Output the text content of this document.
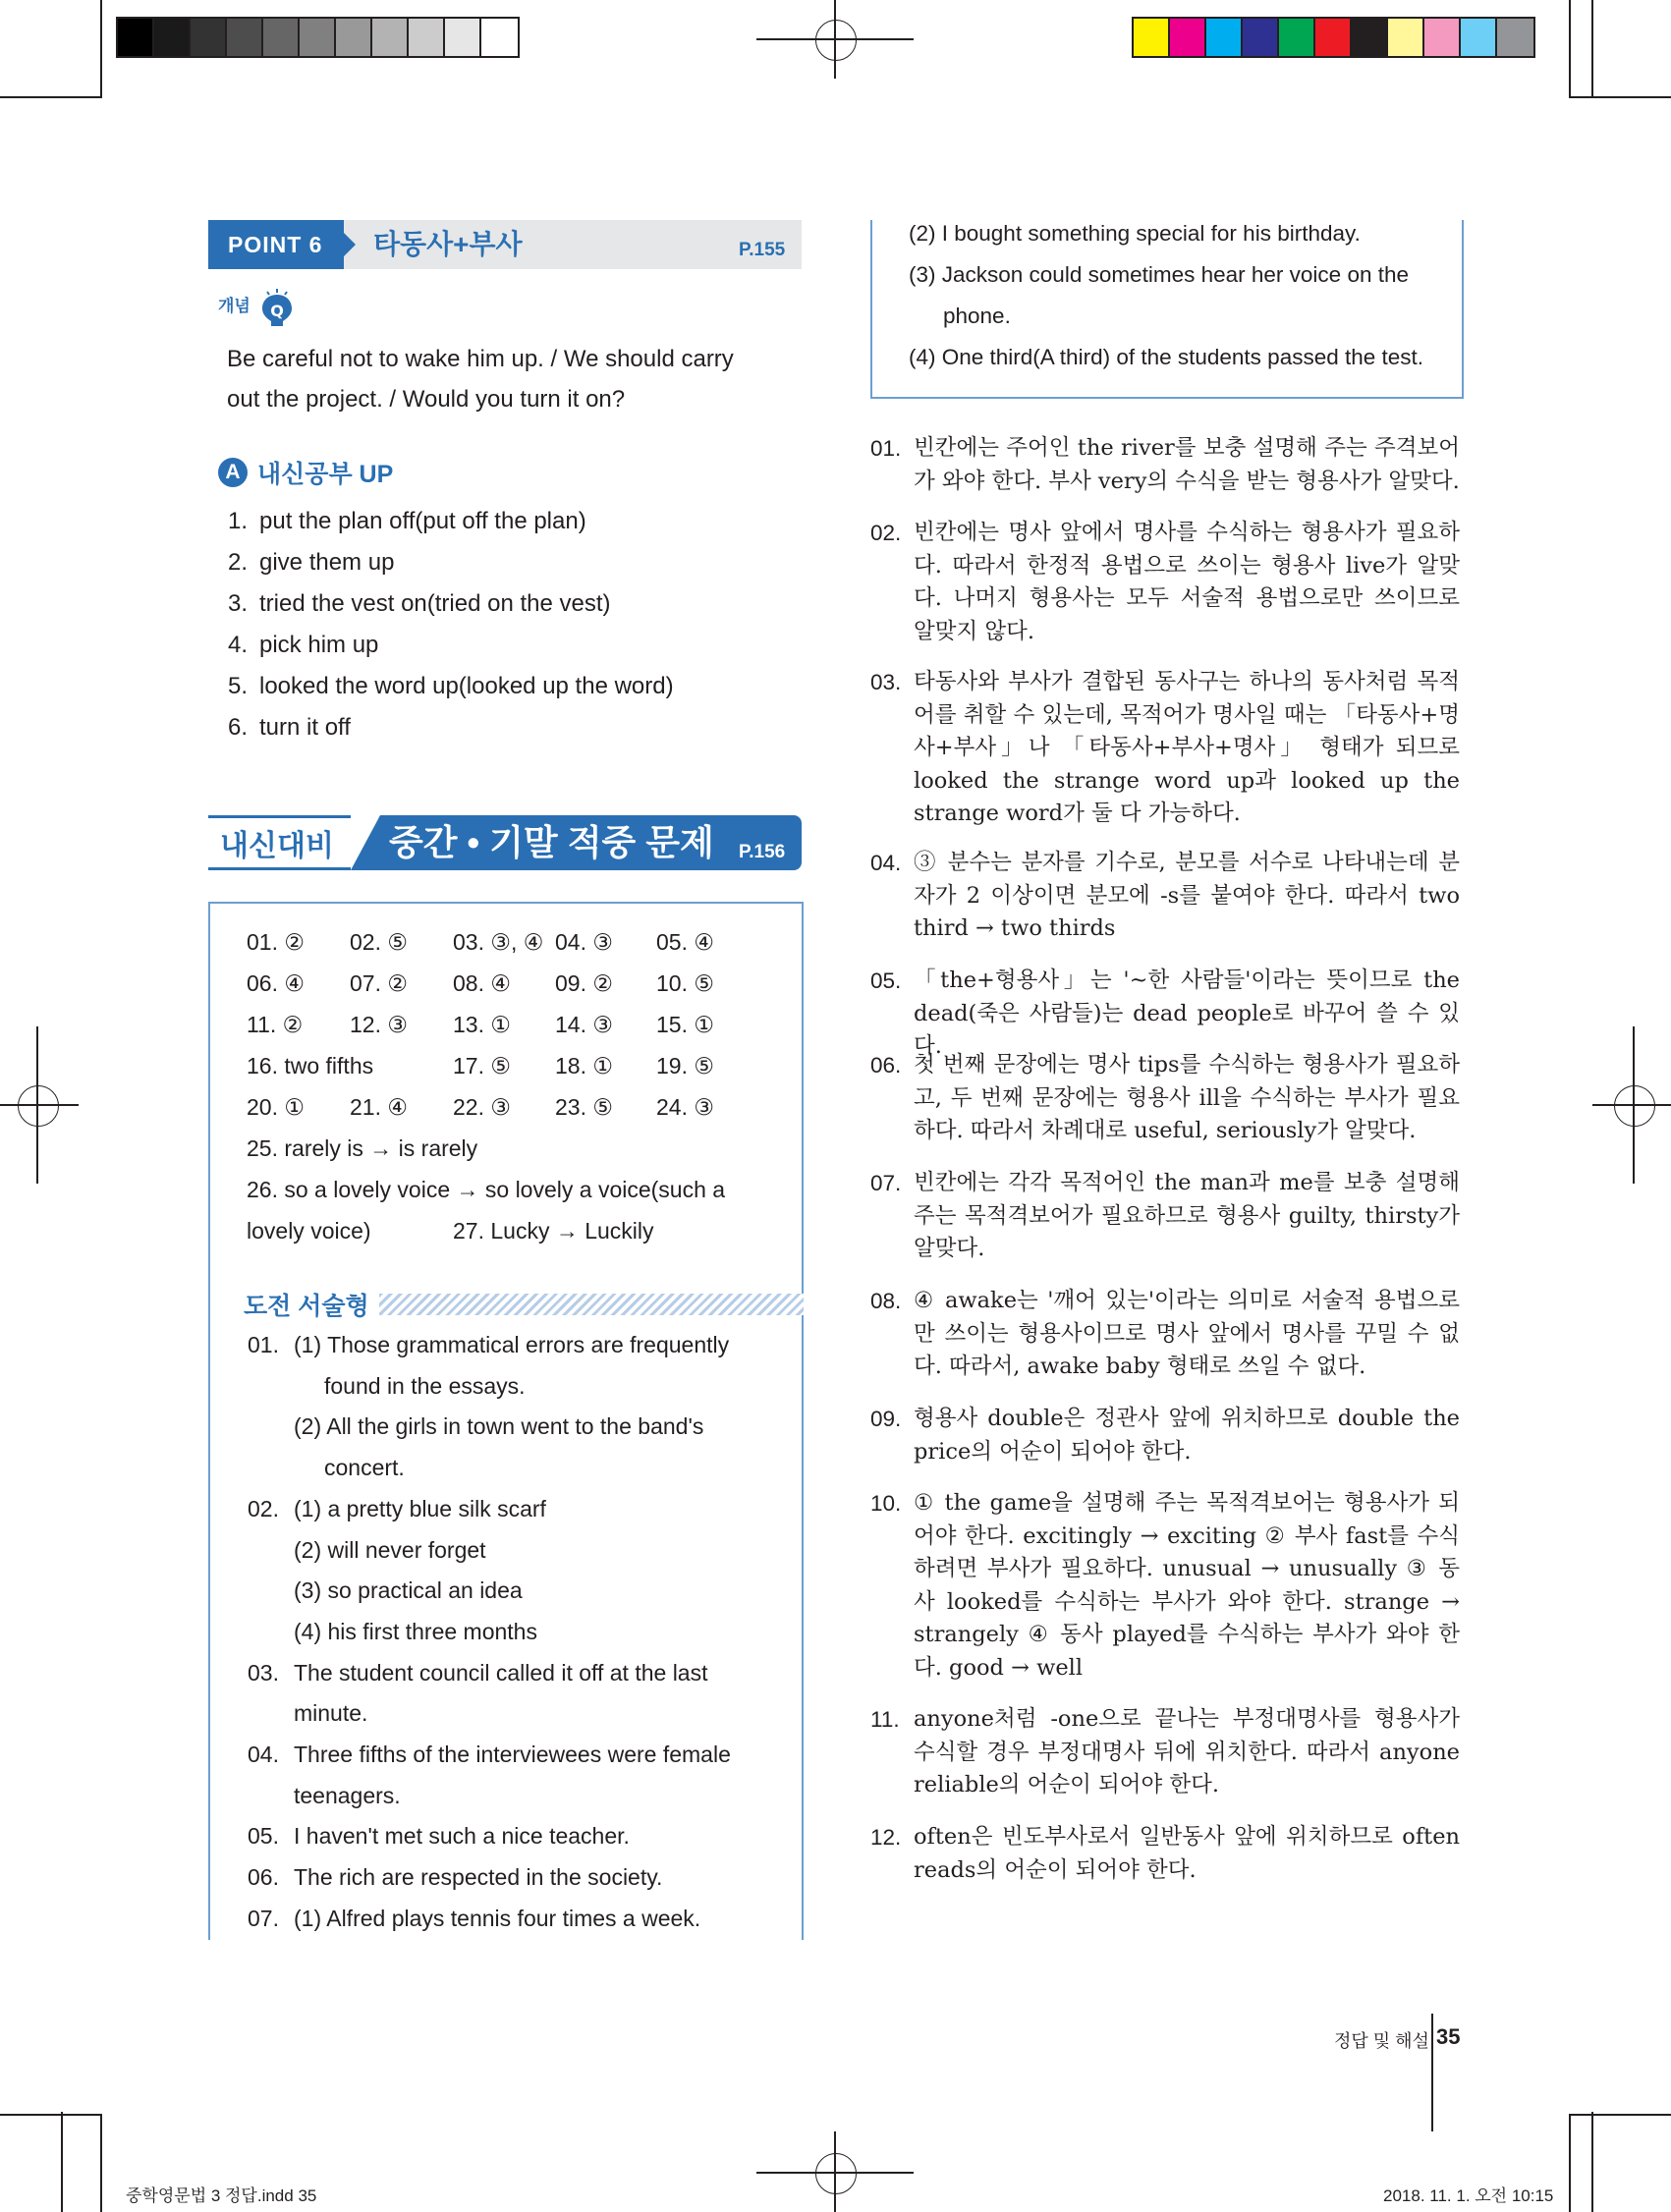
POINT 6	타동사+부사	P.155
개념 Q
Be careful not to wake him up. / We should carry
out the project. / Would you turn it on?
A 내신공부 UP
1. put the plan off(put off the plan)
2. give them up
3. tried the vest on(tried on the vest)
4. pick him up
5. looked the word up(looked up the word)
6. turn it off
내신대비 중간 • 기말 적중 문제 P.156
01. ② 02. ⑤ 03. ③, ④ 04. ③ 05. ④
06. ④ 07. ② 08. ④ 09. ② 10. ⑤
11. ② 12. ③ 13. ① 14. ③ 15. ①
16. two fifths	17. ⑤ 18. ① 19. ⑤
20. ① 21. ④ 22. ③ 23. ⑤ 24. ③
25. rarely is → is rarely
26. so a lovely voice → so lovely a voice(such a
lovely voice)	27. Lucky → Luckily
도전 서술형
01. (1) Those grammatical errors are frequently
found in the essays.
(2) All the girls in town went to the band's
concert.
02. (1) a pretty blue silk scarf
(2) will never forget
(3) so practical an idea
(4) his first three months
03. The student council called it off at the last
minute.
04. Three fifths of the interviewees were female
teenagers.
05. I haven't met such a nice teacher.
06. The rich are respected in the society.
07. (1) Alfred plays tennis four times a week.
(2) I bought something special for his birthday.
(3) Jackson could sometimes hear her voice on the
phone.
(4) One third(A third) of the students passed the test.
01. 빈칸에는 주어인 the river를 보충 설명해 주는 주격보어가 와야 한다. 부사 very의 수식을 받는 형용사가 알맞다.
02. 빈칸에는 명사 앞에서 명사를 수식하는 형용사가 필요하다. 따라서 한정적 용법으로 쓰이는 형용사 live가 알맞다. 나머지 형용사는 모두 서술적 용법으로만 쓰이므로 알맞지 않다.
03. 타동사와 부사가 결합된 동사구는 하나의 동사처럼 목적어를 취할 수 있는데, 목적어가 명사일 때는 「타동사+명사+부사」나 「타동사+부사+명사」 형태가 되므로 looked the strange word up과 looked up the strange word가 둘 다 가능하다.
04. ③ 분수는 분자를 기수로, 분모를 서수로 나타내는데 분자가 2 이상이면 분모에 -s를 붙여야 한다. 따라서 two third → two thirds
05. 「the+형용사」는 '~한 사람들'이라는 뜻이므로 the dead(죽은 사람들)는 dead people로 바꾸어 쓸 수 있다.
06. 첫 번째 문장에는 명사 tips를 수식하는 형용사가 필요하고, 두 번째 문장에는 형용사 ill을 수식하는 부사가 필요하다. 따라서 차례대로 useful, seriously가 알맞다.
07. 빈칸에는 각각 목적어인 the man과 me를 보충 설명해 주는 목적격보어가 필요하므로 형용사 guilty, thirsty가 알맞다.
08. ④ awake는 '깨어 있는'이라는 의미로 서술적 용법으로만 쓰이는 형용사이므로 명사 앞에서 명사를 꾸밀 수 없다. 따라서, awake baby 형태로 쓰일 수 없다.
09. 형용사 double은 정관사 앞에 위치하므로 double the price의 어순이 되어야 한다.
10. ① the game을 설명해 주는 목적격보어는 형용사가 되어야 한다. excitingly → exciting ② 부사 fast를 수식하려면 부사가 필요하다. unusual → unusually ③ 동사 looked를 수식하는 부사가 와야 한다. strange → strangely ④ 동사 played를 수식하는 부사가 와야 한다. good → well
11. anyone처럼 -one으로 끝나는 부정대명사를 형용사가 수식할 경우 부정대명사 뒤에 위치한다. 따라서 anyone reliable의 어순이 되어야 한다.
12. often은 빈도부사로서 일반동사 앞에 위치하므로 often reads의 어순이 되어야 한다.
정답 및 해설 35
중학영문법 3 정답.indd 35	2018. 11. 1. 오전 10:15
